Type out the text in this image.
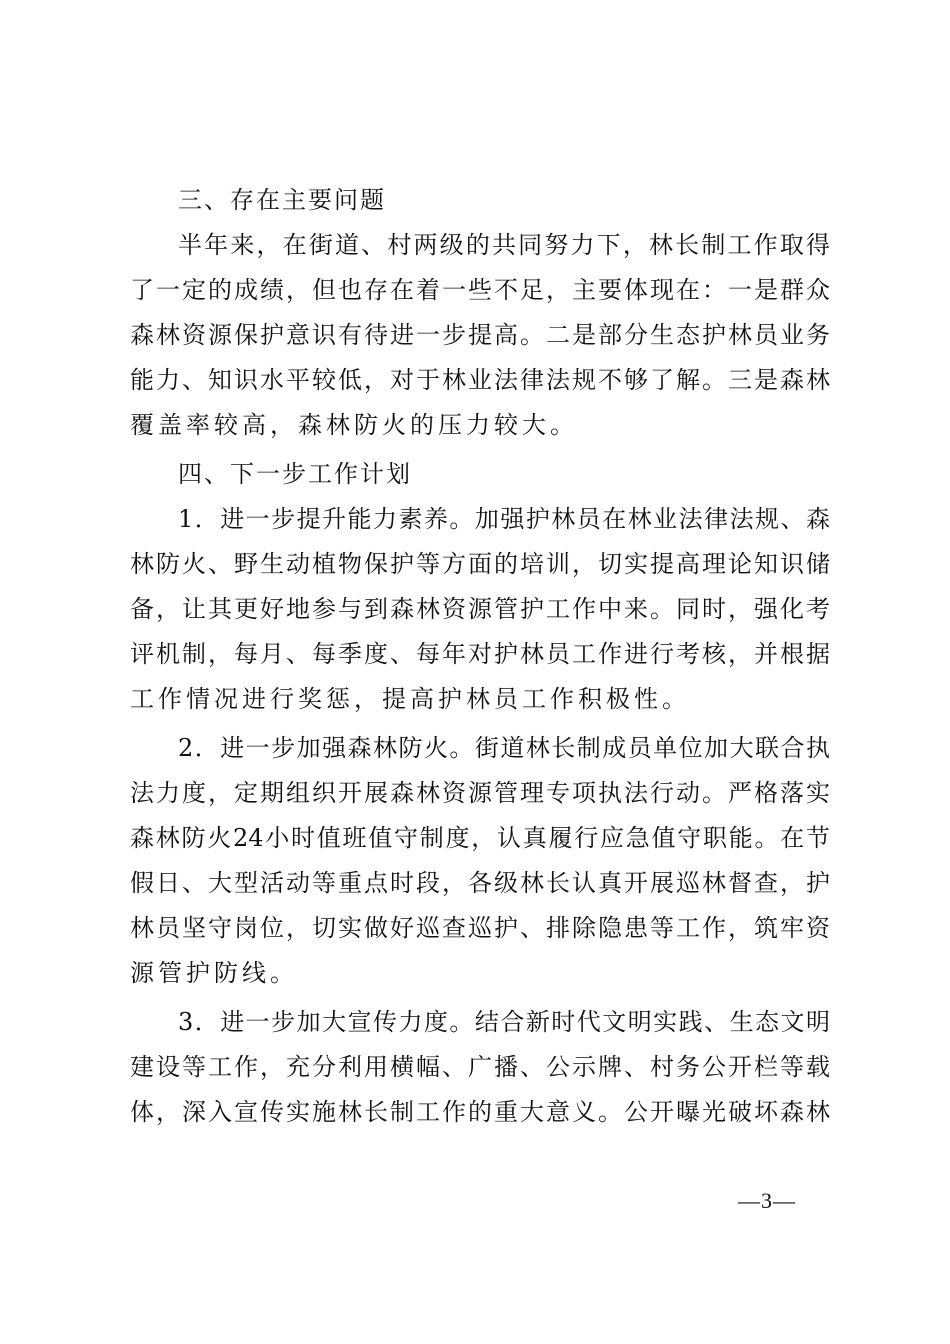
三、存在主要问题
半年来，在街道、村两级的共同努力下，林长制工作取得
了一定的成绩，但也存在着一些不足，主要体现在：一是群众
森林资源保护意识有待进一步提高。二是部分生态护林员业务
能力、知识水平较低，对于林业法律法规不够了解。三是森林
覆盖率较高，森林防火的压力较大。
四、下一步工作计划
1．进一步提升能力素养。加强护林员在林业法律法规、森
林防火、野生动植物保护等方面的培训，切实提高理论知识储
备，让其更好地参与到森林资源管护工作中来。同时，强化考
评机制，每月、每季度、每年对护林员工作进行考核，并根据
工作情况进行奖惩，提高护林员工作积极性。
2．进一步加强森林防火。街道林长制成员单位加大联合执
法力度，定期组织开展森林资源管理专项执法行动。严格落实
森林防火24小时值班值守制度，认真履行应急值守职能。在节
假日、大型活动等重点时段，各级林长认真开展巡林督查，护
林员坚守岗位，切实做好巡查巡护、排除隐患等工作，筑牢资
源管护防线。
3．进一步加大宣传力度。结合新时代文明实践、生态文明
建设等工作，充分利用横幅、广播、公示牌、村务公开栏等载
体，深入宣传实施林长制工作的重大意义。公开曝光破坏森林
—3—
